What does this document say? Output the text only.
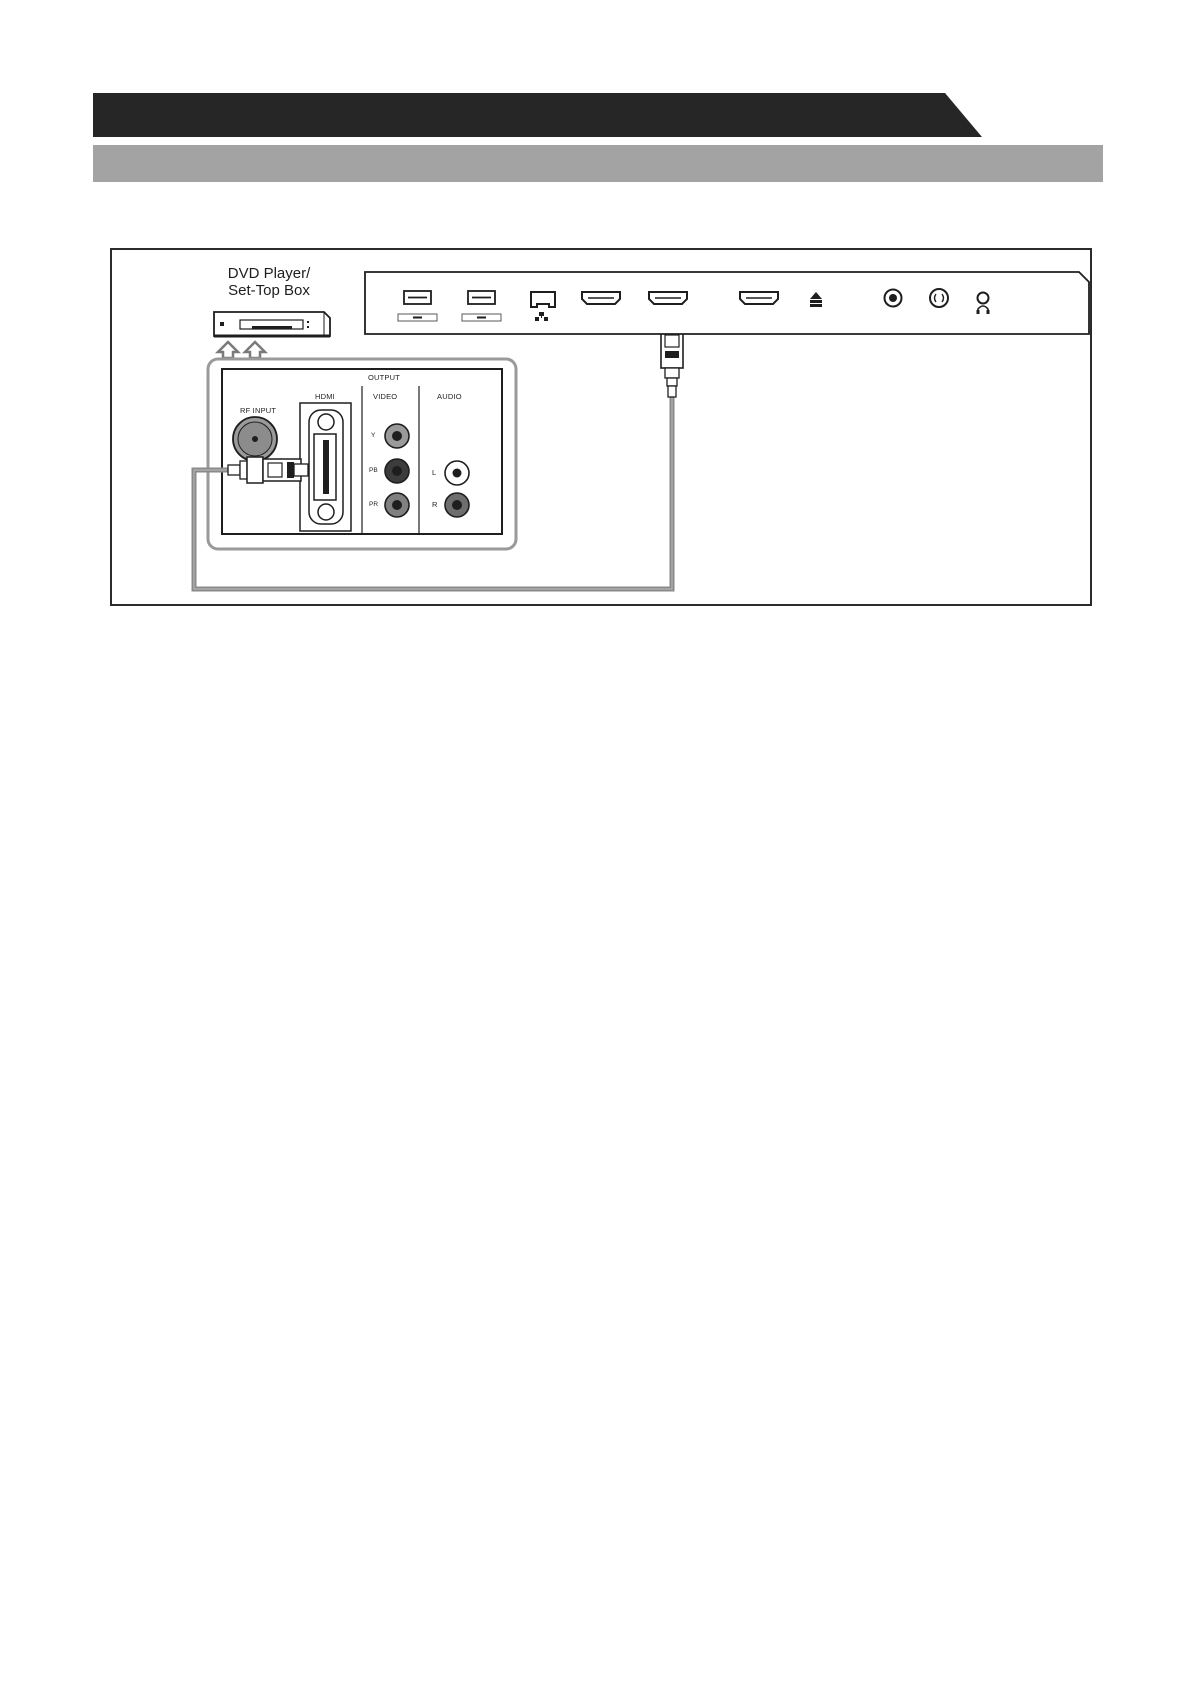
DVD Player/
Set-Top Box
OUTPUT
RF INPUT
HDMI	VIDEO	AUDIO
Y
PB
PR
L
R
